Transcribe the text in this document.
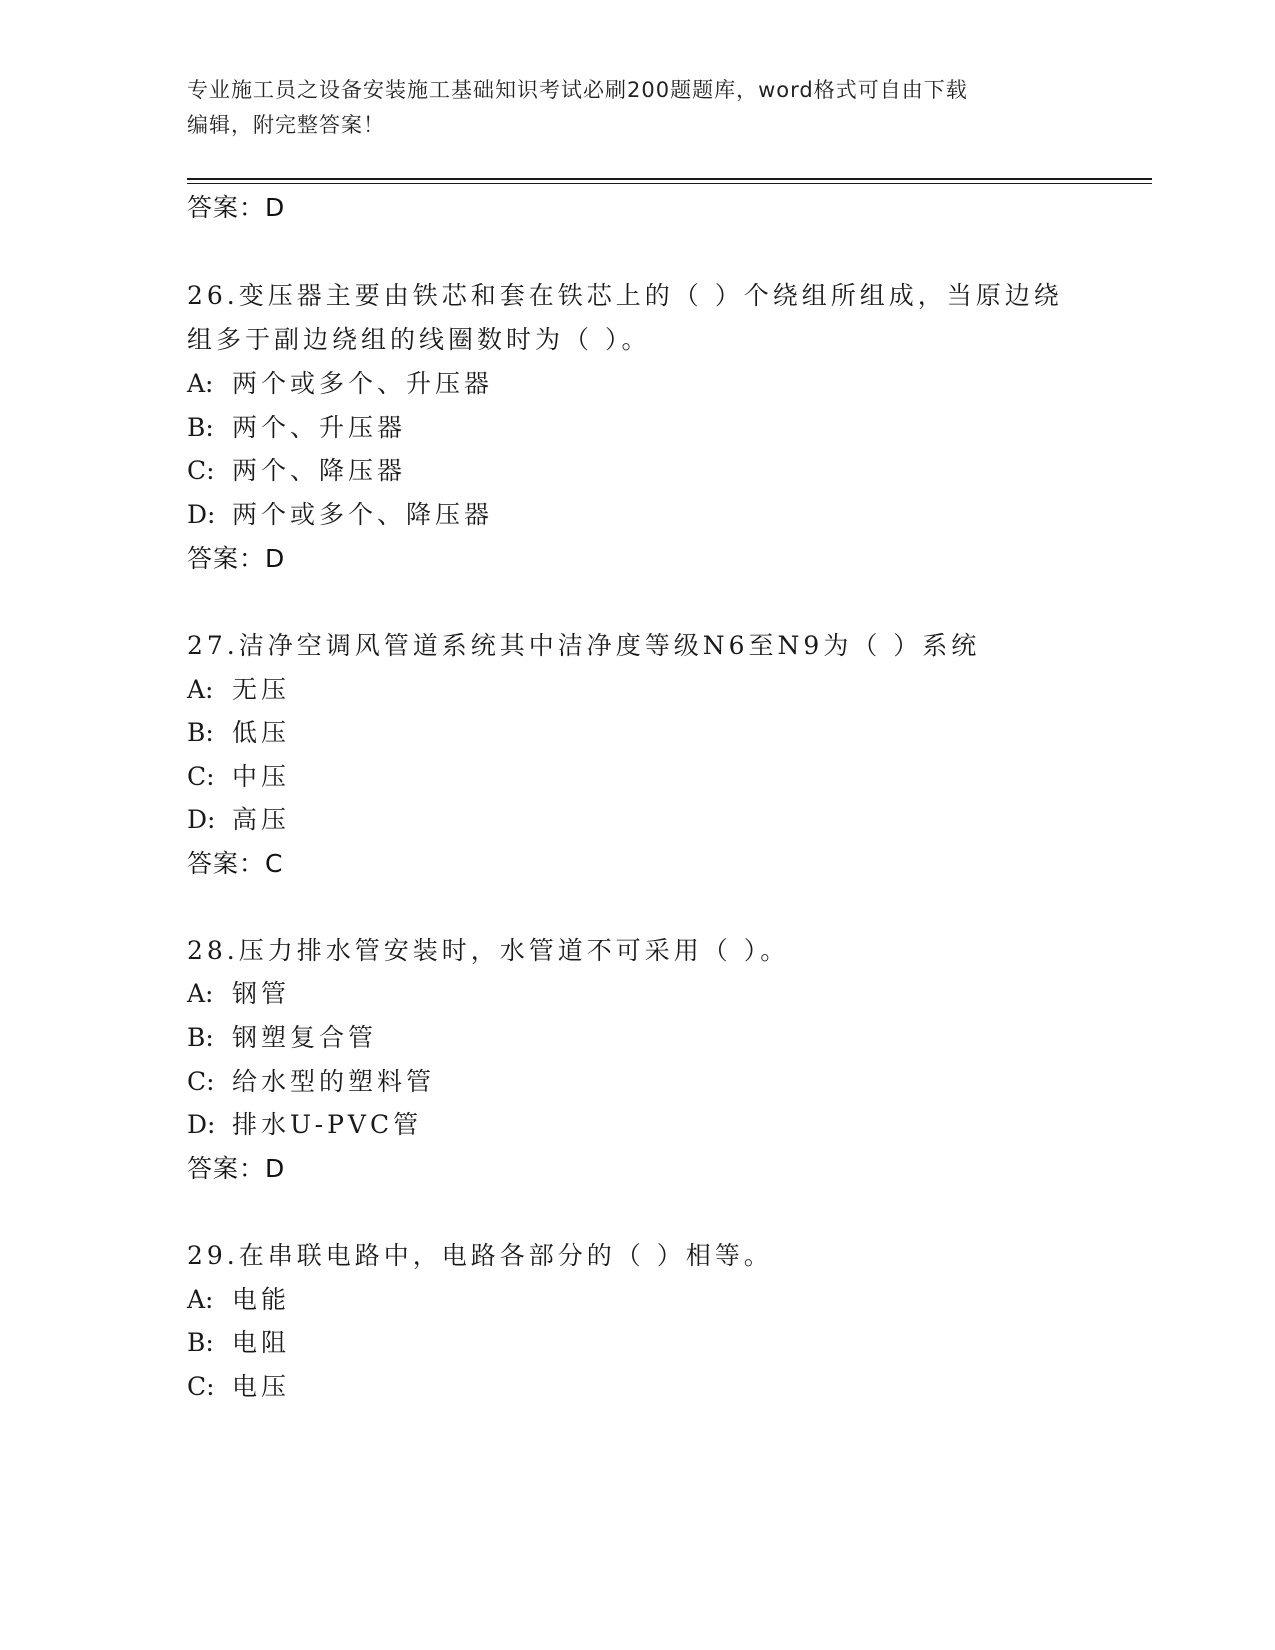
专业施工员之设备安装施工基础知识考试必刷200题题库，word格式可自由下载
编辑，附完整答案！
答案：D
26.变压器主要由铁芯和套在铁芯上的（ ）个绕组所组成，当原边绕
组多于副边绕组的线圈数时为（ ）。
A: 两个或多个、升压器
B: 两个、升压器
C: 两个、降压器
D: 两个或多个、降压器
答案：D
27.洁净空调风管道系统其中洁净度等级N6至N9为（ ）系统
A: 无压
B: 低压
C: 中压
D: 高压
答案：C
28.压力排水管安装时，水管道不可采用（ ）。
A: 钢管
B: 钢塑复合管
C: 给水型的塑料管
D: 排水U-PVC管
答案：D
29.在串联电路中，电路各部分的（ ）相等。
A: 电能
B: 电阻
C: 电压
